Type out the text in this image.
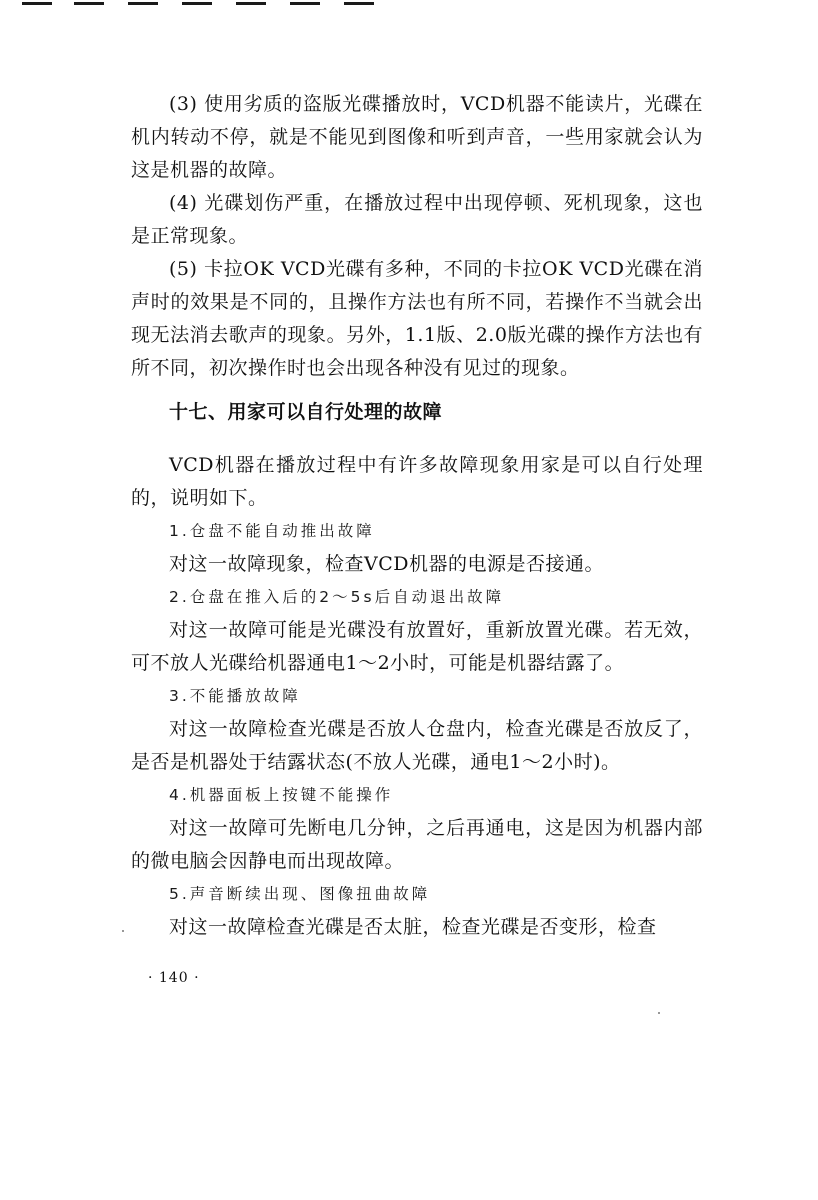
(3) 使用劣质的盗版光碟播放时，VCD机器不能读片，光碟在机内转动不停，就是不能见到图像和听到声音，一些用家就会认为这是机器的故障。

(4) 光碟划伤严重，在播放过程中出现停顿、死机现象，这也是正常现象。

(5) 卡拉OK VCD光碟有多种，不同的卡拉OK VCD光碟在消声时的效果是不同的，且操作方法也有所不同，若操作不当就会出现无法消去歌声的现象。另外，1.1版、2.0版光碟的操作方法也有所不同，初次操作时也会出现各种没有见过的现象。

十七、用家可以自行处理的故障

VCD机器在播放过程中有许多故障现象用家是可以自行处理的，说明如下。

1.仓盘不能自动推出故障

对这一故障现象，检查VCD机器的电源是否接通。

2.仓盘在推入后的2～5s后自动退出故障

对这一故障可能是光碟没有放置好，重新放置光碟。若无效，可不放人光碟给机器通电1～2小时，可能是机器结露了。

3.不能播放故障

对这一故障检查光碟是否放人仓盘内，检查光碟是否放反了，是否是机器处于结露状态(不放人光碟，通电1～2小时)。

4.机器面板上按键不能操作

对这一故障可先断电几分钟，之后再通电，这是因为机器内部的微电脑会因静电而出现故障。

5.声音断续出现、图像扭曲故障

对这一故障检查光碟是否太脏，检查光碟是否变形，检查

· 140 ·
